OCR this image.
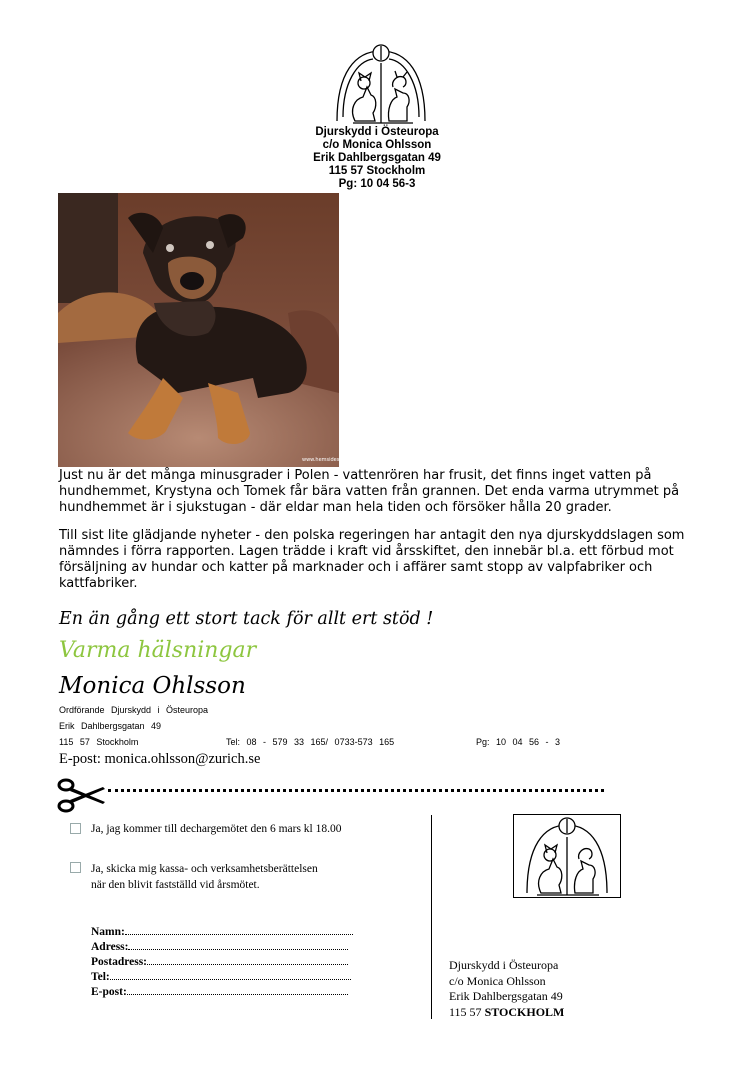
Djurskydd i Östeuropa
c/o Monica Ohlsson
Erik Dahlbergsgatan 49
115 57 Stockholm
Pg: 10 04 56-3
www.hemsidesajt.se
Just nu är det många minusgrader i Polen - vattenrören har frusit, det finns inget vatten på hundhemmet, Krystyna och Tomek får bära vatten från grannen. Det enda varma utrymmet på hundhemmet är i sjukstugan - där eldar man hela tiden och försöker hålla 20 grader.
Till sist lite glädjande nyheter - den polska regeringen har antagit den nya djurskyddslagen som nämndes i förra rapporten. Lagen trädde i kraft vid årsskiftet, den innebär bl.a. ett förbud mot försäljning av hundar och katter på marknader och i affärer samt stopp av valpfabriker och kattfabriker.
En än gång ett stort tack för allt ert stöd !
Varma hälsningar
Monica Ohlsson
Ordförande Djurskydd i Östeuropa
Erik Dahlbergsgatan 49
115 57 Stockholm	Tel: 08 - 579 33 165/ 0733-573 165	Pg: 10 04 56 - 3
E-post: monica.ohlsson@zurich.se
Ja, jag kommer till dechargemötet den 6 mars kl 18.00
Ja, skicka mig kassa- och verksamhetsberättelsen
när den blivit fastställd vid årsmötet.
Namn:
Adress:
Postadress:
Tel:
E-post:
Djurskydd i Östeuropa
c/o Monica Ohlsson
Erik Dahlbergsgatan 49
115 57 STOCKHOLM
